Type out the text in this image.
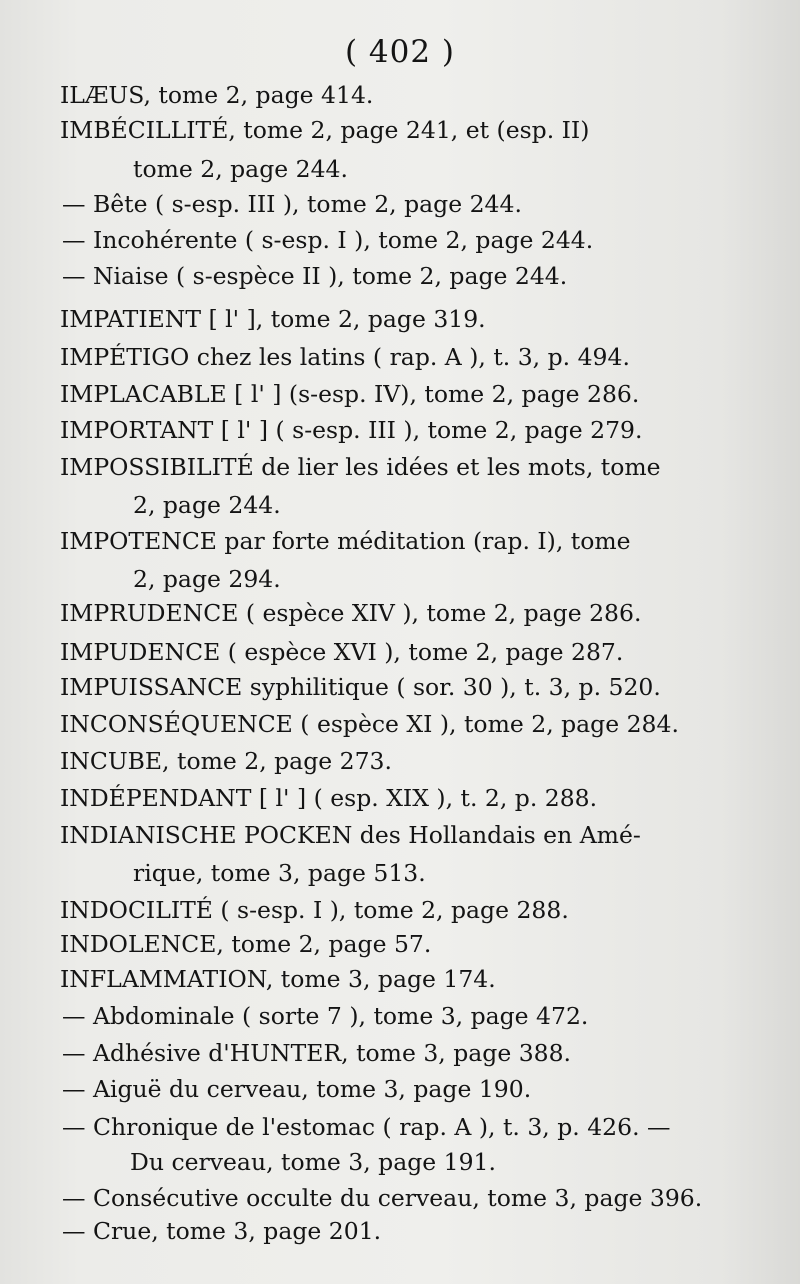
( 402 )
ILÆUS, tome 2, page 414.
IMBÉCILLITÉ, tome 2, page 241, et (esp. II)
tome 2, page 244.
— Bête ( s-esp. III ), tome 2, page 244.
— Incohérente ( s-esp. I ), tome 2, page 244.
— Niaise ( s-espèce II ), tome 2, page 244.
IMPATIENT [ l' ], tome 2, page 319.
IMPÉTIGO chez les latins ( rap. A ), t. 3, p. 494.
IMPLACABLE [ l' ] (s-esp. IV), tome 2, page 286.
IMPORTANT [ l' ] ( s-esp. III ), tome 2, page 279.
IMPOSSIBILITÉ de lier les idées et les mots, tome
2, page 244.
IMPOTENCE par forte méditation (rap. I), tome
2, page 294.
IMPRUDENCE ( espèce XIV ), tome 2, page 286.
IMPUDENCE ( espèce XVI ), tome 2, page 287.
IMPUISSANCE syphilitique ( sor. 30 ), t. 3, p. 520.
INCONSÉQUENCE ( espèce XI ), tome 2, page 284.
INCUBE, tome 2, page 273.
INDÉPENDANT [ l' ] ( esp. XIX ), t. 2, p. 288.
INDIANISCHE POCKEN des Hollandais en Amé-
rique, tome 3, page 513.
INDOCILITÉ ( s-esp. I ), tome 2, page 288.
INDOLENCE, tome 2, page 57.
INFLAMMATION, tome 3, page 174.
— Abdominale ( sorte 7 ), tome 3, page 472.
— Adhésive d'HUNTER, tome 3, page 388.
— Aiguë du cerveau, tome 3, page 190.
— Chronique de l'estomac ( rap. A ), t. 3, p. 426. —
Du cerveau, tome 3, page 191.
— Consécutive occulte du cerveau, tome 3, page 396.
— Crue, tome 3, page 201.
